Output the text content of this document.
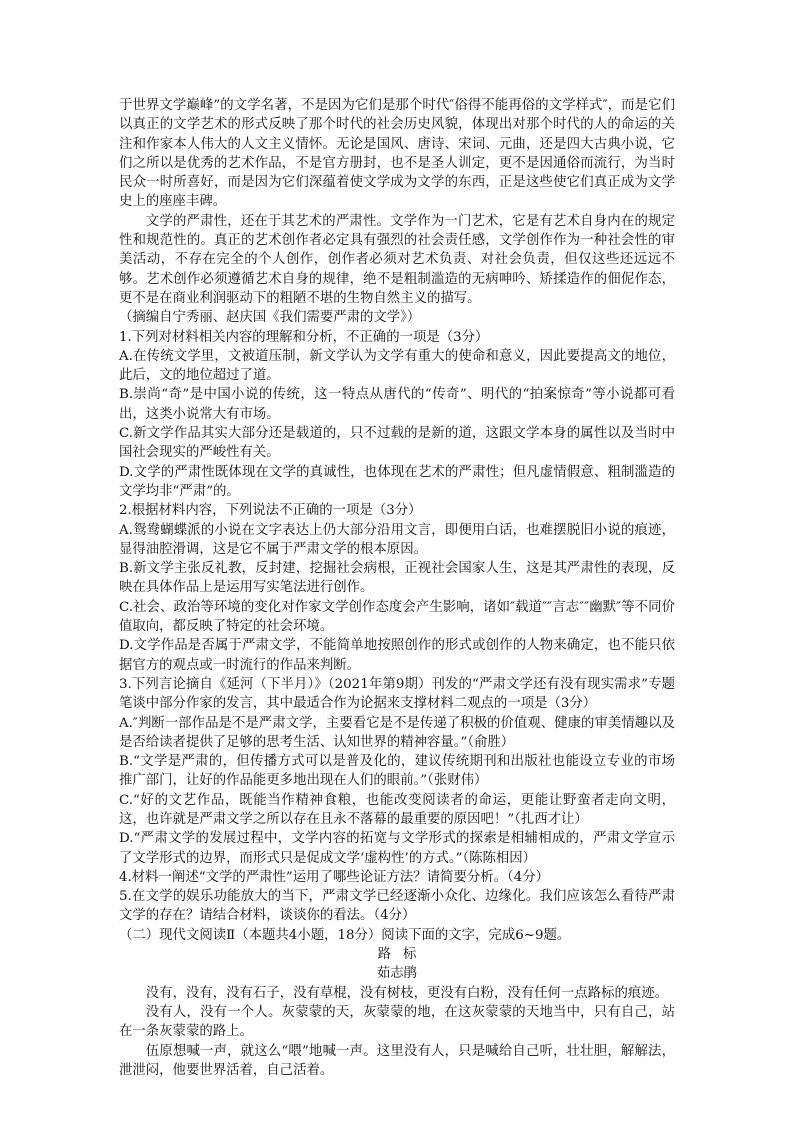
于世界文学巅峰”的文学名著，不是因为它们是那个时代″俗得不能再俗的文学样式″，而是它们以真正的文学艺术的形式反映了那个时代的社会历史风貌，体现出对那个时代的人的命运的关注和作家本人伟大的人文主义情怀。无论是国风、唐诗、宋词、元曲，还是四大古典小说，它们之所以是优秀的艺术作品，不是官方册封，也不是圣人训定，更不是因通俗而流行，为当时民众一时所喜好，而是因为它们深蕴着使文学成为文学的东西，正是这些使它们真正成为文学史上的座座丰碑。

文学的严肃性，还在于其艺术的严肃性。文学作为一门艺术，它是有艺术自身内在的规定性和规范性的。真正的艺术创作者必定具有强烈的社会责任感，文学创作作为一种社会性的审美活动，不存在完全的个人创作，创作者必须对艺术负责、对社会负责，但仅这些还远远不够。艺术创作必须遵循艺术自身的规律，绝不是粗制滥造的无病呻吟、矫揉造作的佃伲作态，更不是在商业利润驱动下的粗陋不堪的生物自然主义的描写。

（摘编自宁秀丽、赵庆国《我们需要严肃的文学》）

1.下列对材料相关内容的理解和分析，不正确的一项是（3分）

A.在传统文学里，文被道压制，新文学认为文学有重大的使命和意义，因此要提高文的地位，此后，文的地位超过了道。

B.崇尚“奇”是中国小说的传统，这一特点从唐代的“传奇”、明代的“拍案惊奇”等小说都可看出，这类小说常大有市场。

C.新文学作品其实大部分还是载道的，只不过载的是新的道，这跟文学本身的属性以及当时中国社会现实的严峻性有关。

D.文学的严肃性既体现在文学的真诚性，也体现在艺术的严肃性；但凡虚情假意、粗制滥造的文学均非“严肃”的。

2.根据材料内容，下列说法不正确的一项是（3分）

A.鸳鸯蝴蝶派的小说在文字表达上仍大部分沿用文言，即便用白话，也难摆脱旧小说的痕迹，显得油腔滑调，这是它不属于严肃文学的根本原因。

B.新文学主张反礼教，反封建，挖掘社会病根，正视社会国家人生，这是其严肃性的表现，反映在具体作品上是运用写实笔法进行创作。

C.社会、政治等环境的变化对作家文学创作态度会产生影响，诸如″载道″″言志″″幽默″等不同价值取向，都反映了特定的社会环境。

D.文学作品是否属于严肃文学，不能简单地按照创作的形式或创作的人物来确定，也不能只依据官方的观点或一时流行的作品来判断。

3.下列言论摘自《延河（下半月）》（2021年第9期）刊发的“严肃文学还有没有现实需求”专题笔谈中部分作家的发言，其中最适合作为论据来支撑材料二观点的一项是（3分）

A.″判断一部作品是不是严肃文学，主要看它是不是传递了积极的价值观、健康的审美情趣以及是否给读者提供了足够的思考生活、认知世界的精神容量。”（俞胜）

B.“文学是严肃的，但传播方式可以是普及化的，建议传统期刊和出版社也能设立专业的市场推广部门，让好的作品能更多地出现在人们的眼前。”（张财伟）

C.“好的文艺作品，既能当作精神食粮，也能改变阅读者的命运，更能让野蛮者走向文明，这，也许就是严肃文学之所以存在且永不落幕的最重要的原因吧！”（扎西才让）

D.“严肃文学的发展过程中，文学内容的拓宽与文学形式的探索是相辅相成的，严肃文学宣示了文学形式的边界，而形式只是促成文学‘虚构性’的方式。”（陈陈相因）

4.材料一阐述“文学的严肃性”运用了哪些论证方法？请简要分析。（4分）

5.在文学的娱乐功能放大的当下，严肃文学已经逐渐小众化、边缘化。我们应该怎么看待严肃文学的存在？请结合材料，谈谈你的看法。（4分）

（二）现代文阅读Ⅱ（本题共4小题，18分）阅读下面的文字，完成6~9题。

路标

茹志鹃

没有，没有，没有石子，没有草棍，没有树枝，更没有白粉，没有任何一点路标的痕迹。

没有人，没有一个人。灰蒙蒙的天，灰蒙蒙的地，在这灰蒙蒙的天地当中，只有自己，站在一条灰蒙蒙的路上。

伍原想喊一声，就这么“喂”地喊一声。这里没有人，只是喊给自己听，壮壮胆，解解法，泄泄闷，他要世界活着，自己活着。
